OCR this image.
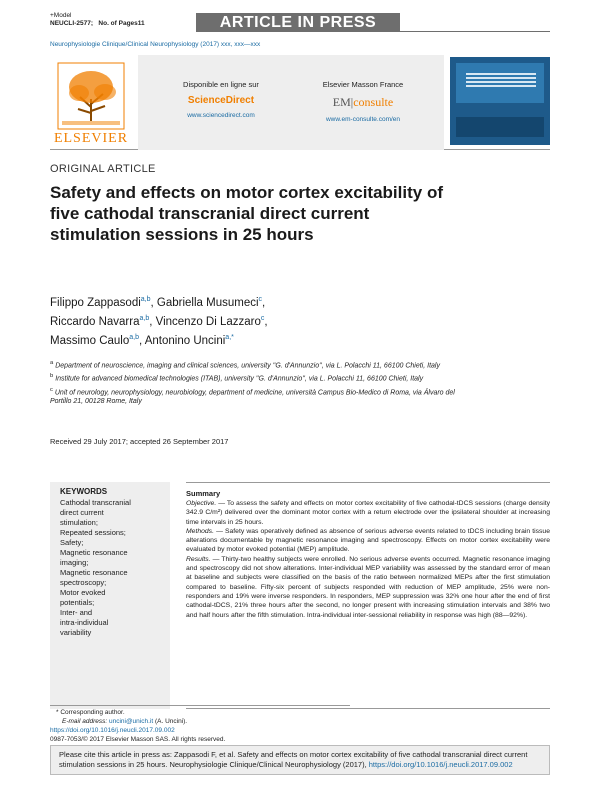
+Model
NEUCLI-2577; No. of Pages11	ARTICLE IN PRESS
Neurophysiologie Clinique/Clinical Neurophysiology (2017) xxx, xxx—xxx
ELSEVIER
Disponible en ligne sur
ScienceDirect
www.sciencedirect.com
Elsevier Masson France
EM|consulte
www.em-consulte.com/en
ORIGINAL ARTICLE
Safety and effects on motor cortex excitability of five cathodal transcranial direct current stimulation sessions in 25 hours
Filippo Zappasodi$^{a,b}$, Gabriella Musumeci$^c$,
Riccardo Navarra$^{a,b}$, Vincenzo Di Lazzaro$^c$,
Massimo Caulo$^{a,b}$, Antonino Uncini$^{a,*}$

$^a$ Department of neuroscience, imaging and clinical sciences, university ''G. d'Annunzio'', via L. Polacchi 11, 66100 Chieti, Italy

$^b$ Institute for advanced biomedical technologies (ITAB), university ''G. d'Annunzio'', via L. Polacchi 11, 66100 Chieti, Italy

$^c$ Unit of neurology, neurophysiology, neurobiology, department of medicine, università Campus Bio-Medico di Roma, via Álvaro del Portillo 21, 00128 Rome, Italy

Received 29 July 2017; accepted 26 September 2017
KEYWORDS
Cathodal transcranial
direct current
stimulation;
Repeated sessions;
Safety;
Magnetic resonance
imaging;
Magnetic resonance
spectroscopy;
Motor evoked
potentials;
Inter- and
intra-individual
variability
Summary
Objective. — To assess the safety and effects on motor cortex excitability of five cathodal-tDCS sessions (charge density 342.9 C/m²) delivered over the dominant motor cortex with a return electrode over the ipsilateral shoulder at increasing time intervals in 25 hours.
Methods. — Safety was operatively defined as absence of serious adverse events related to tDCS including brain tissue alterations documentable by magnetic resonance imaging and spectroscopy. Effects on motor cortex excitability were evaluated by motor evoked potential (MEP) amplitude.
Results. — Thirty-two healthy subjects were enrolled. No serious adverse events occurred. Magnetic resonance imaging and spectroscopy did not show alterations. Inter-individual MEP variability was assessed by the standard error of mean at baseline and subjects were classified on the basis of the ratio between normalized MEPs after the first stimulation compared to baseline. Fifty-six percent of subjects responded with reduction of MEP amplitude, 25% were non-responders and 19% were inverse responders. In responders, MEP suppression was 32% one hour after the end of first cathodal-tDCS, 21% three hours after the second, no longer present with increasing stimulation intervals and 38% two and half hours after the fifth stimulation. Intra-individual inter-sessional reliability in response was high (88—92%).
* Corresponding author.
E-mail address: uncini@unich.it (A. Uncini).
https://doi.org/10.1016/j.neucli.2017.09.002
0987-7053/© 2017 Elsevier Masson SAS. All rights reserved.
Please cite this article in press as: Zappasodi F, et al. Safety and effects on motor cortex excitability of five cathodal transcranial direct current stimulation sessions in 25 hours. Neurophysiologie Clinique/Clinical Neurophysiology (2017), https://doi.org/10.1016/j.neucli.2017.09.002
